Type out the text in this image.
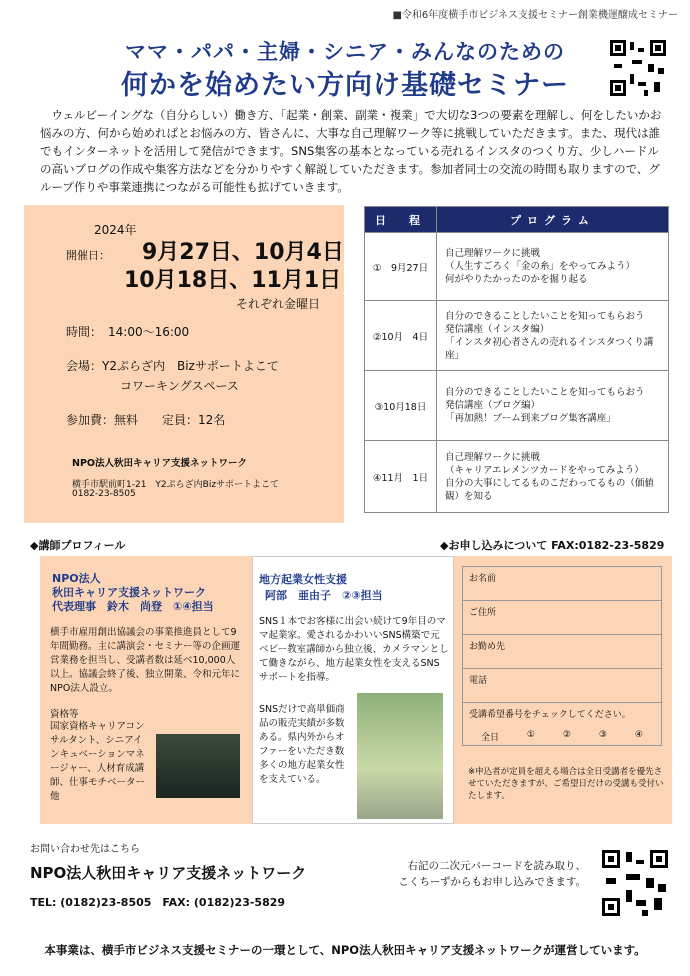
■令和6年度横手市ビジネス支援セミナー創業機運醸成セミナー
ママ・パパ・主婦・シニア・みんなのための
何かを始めたい方向け基礎セミナー

ウェルビーイングな（自分らしい）働き方、「起業・創業、副業・複業」で大切な3つの要素を理解し、何をしたいかお悩みの方、何から始めればとお悩みの方、皆さんに、大事な自己理解ワーク等に挑戦していただきます。また、現代は誰でもインターネットを活用して発信ができます。SNS集客の基本となっている売れるインスタのつくり方、少しハードルの高いブログの作成や集客方法などを分かりやすく解説していただきます。参加者同士の交流の時間も取りますので、グループ作りや事業連携につながる可能性も拡げていきます。

2024年
開催日： 9月27日、10月4日
10月18日、11月1日
それぞれ金曜日
時間：　14:00～16:00
会場：Y2ぷらざ内　Bizサポートよこて
コワーキングスペース
参加費：無料　　定員：12名
NPO法人秋田キャリア支援ネットワーク
横手市駅前町1-21　Y2ぷらざ内Bizサポートよこて
0182-23-8505
日　程	プログラム
①　9月27日	自己理解ワークに挑戦
（人生すごろく「金の糸」をやってみよう）
何がやりたかったのかを掘り起る

②10月　4日	自分のできることしたいことを知ってもらおう
発信講座（インスタ編）
「インスタ初心者さんの売れるインスタつくり講座」

③10月18日	自分のできることしたいことを知ってもらおう
発信講座（ブログ編）
「再加熱！ブーム到来ブログ集客講座」

④11月　1日	自己理解ワークに挑戦
（キャリアエレメンツカードをやってみよう）
自分の大事にしてるものこだわってるもの（価値観）を知る
◆講師プロフィール	◆お申し込みについて FAX:0182-23-5829
NPO法人
秋田キャリア支援ネットワーク
代表理事　鈴木　尚登　①④担当
横手市雇用創出協議会の事業推進員として9年間勤務。主に講演会・セミナー等の企画運営業務を担当し、受講者数は延べ10,000人以上。協議会終了後、独立開業、令和元年にNPO法人設立。
資格等
国家資格キャリアコンサルタント、シニアインキュベーションマネージャー、人材育成講師、仕事モチベーター他
地方起業女性支援
阿部　亜由子　②③担当
SNS１本でお客様に出会い続けて9年目のママ起業家。愛されるかわいいSNS構築で元ベビー教室講師から独立後、カメラマンとして働きながら、地方起業女性を支えるSNSサポートを指導。
SNSだけで高単価商品の販売実績が多数ある。県内外からオファーをいただき数多くの地方起業女性を支えている。
お名前
ご住所
お勤め先
電話
受講希望番号をチェックしてください。
全日	①	②	③	④
※申込者が定員を超える場合は全日受講者を優先させていただきますが、ご希望日だけの受講も受付いたします。
お問い合わせ先はこちら
NPO法人秋田キャリア支援ネットワーク
TEL: (0182)23-8505　FAX: (0182)23-5829
右記の二次元バーコードを読み取り、
こくちーずからもお申し込みできます。
本事業は、横手市ビジネス支援セミナーの一環として、NPO法人秋田キャリア支援ネットワークが運営しています。
